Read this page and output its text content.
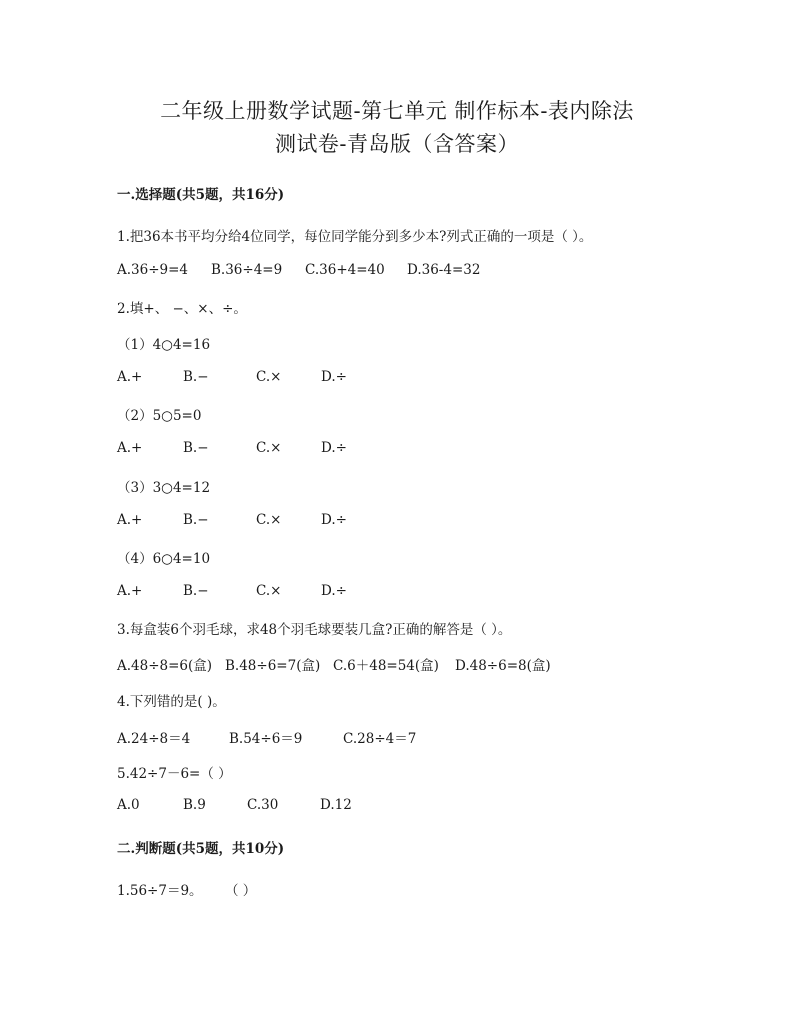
二年级上册数学试题-第七单元 制作标本-表内除法
测试卷-青岛版（含答案）
一.选择题(共5题，共16分)
1.把36本书平均分给4位同学，每位同学能分到多少本?列式正确的一项是（ ）。
A.36÷9=4 B.36÷4=9 C.36+4=40 D.36-4=32
2.填+、 −、×、÷。
（1）4○4=16
A.+	B.−	C.×	D.÷
（2）5○5=0
A.+	B.−	C.×	D.÷
（3）3○4=12
A.+	B.−	C.×	D.÷
（4）6○4=10
A.+	B.−	C.×	D.÷
3.每盒装6个羽毛球，求48个羽毛球要装几盒?正确的解答是（ ）。
A.48÷8=6(盒) B.48÷6=7(盒) C.6＋48=54(盒) D.48÷6=8(盒)
4.下列错的是( )。
A.24÷8＝4	B.54÷6＝9	C.28÷4＝7
5.42÷7－6=（ ）
A.0	B.9	C.30	D.12
二.判断题(共5题，共10分)
1.56÷7＝9。 （ ）
